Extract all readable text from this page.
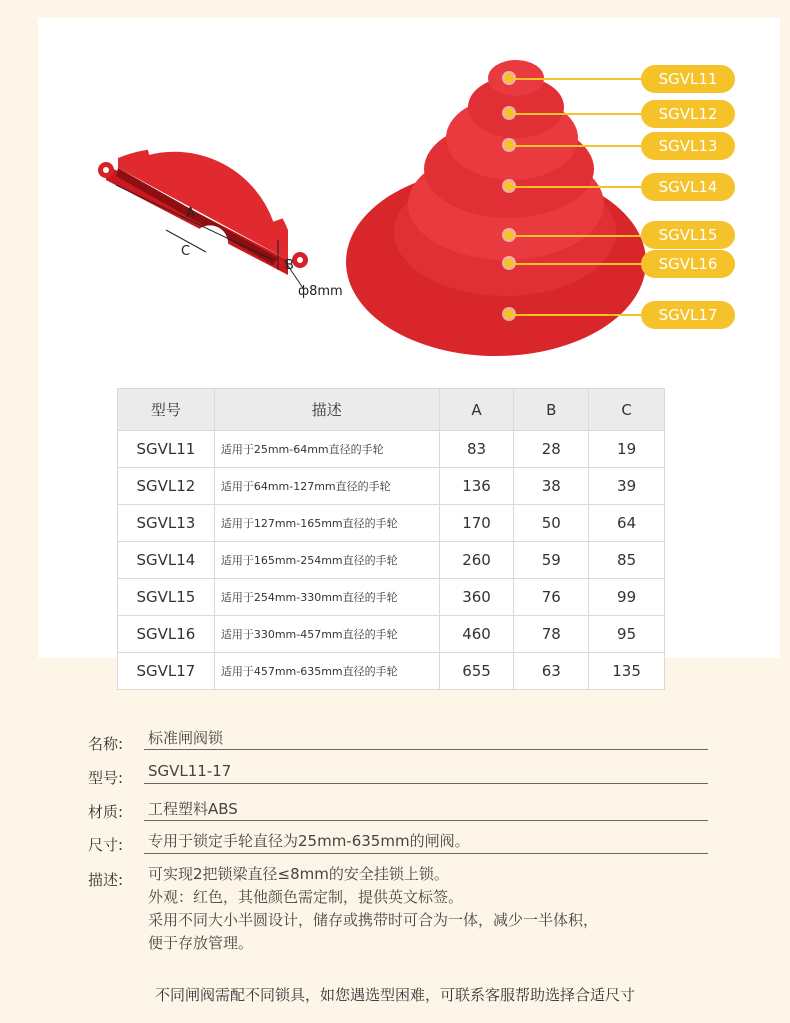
A
C
B
ф8mm
SGVL11
SGVL12
SGVL13
SGVL14
SGVL15
SGVL16
SGVL17
型号	描述	A	B	C
SGVL11	适用于25mm-64mm直径的手轮	83	28	19
SGVL12	适用于64mm-127mm直径的手轮	136	38	39
SGVL13	适用于127mm-165mm直径的手轮	170	50	64
SGVL14	适用于165mm-254mm直径的手轮	260	59	85
SGVL15	适用于254mm-330mm直径的手轮	360	76	99
SGVL16	适用于330mm-457mm直径的手轮	460	78	95
SGVL17	适用于457mm-635mm直径的手轮	655	63	135
名称:	标准闸阀锁
型号:	SGVL11-17
材质:	工程塑料ABS
尺寸:	专用于锁定手轮直径为25mm-635mm的闸阀。
描述:	可实现2把锁梁直径≤8mm的安全挂锁上锁。
外观：红色，其他颜色需定制，提供英文标签。
采用不同大小半圆设计，储存或携带时可合为一体，减少一半体积，
便于存放管理。
不同闸阀需配不同锁具，如您遇选型困难，可联系客服帮助选择合适尺寸
